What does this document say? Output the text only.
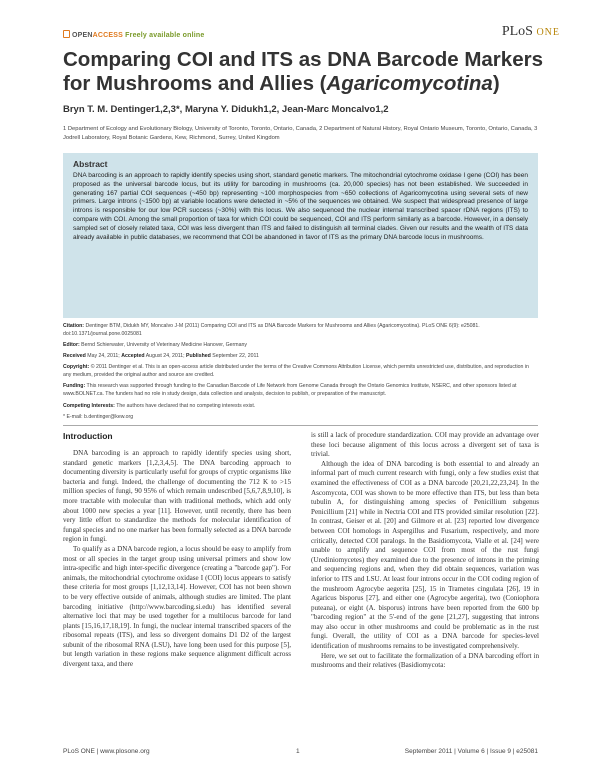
OPENACCESS Freely available online	PLoS ONE
Comparing COI and ITS as DNA Barcode Markers for Mushrooms and Allies (Agaricomycotina)
Bryn T. M. Dentinger1,2,3*, Maryna Y. Didukh1,2, Jean-Marc Moncalvo1,2
1 Department of Ecology and Evolutionary Biology, University of Toronto, Toronto, Ontario, Canada, 2 Department of Natural History, Royal Ontario Museum, Toronto, Ontario, Canada, 3 Jodrell Laboratory, Royal Botanic Gardens, Kew, Richmond, Surrey, United Kingdom
Abstract
DNA barcoding is an approach to rapidly identify species using short, standard genetic markers. The mitochondrial cytochrome oxidase I gene (COI) has been proposed as the universal barcode locus, but its utility for barcoding in mushrooms (ca. 20,000 species) has not been established. We succeeded in generating 167 partial COI sequences (~450 bp) representing ~100 morphospecies from ~650 collections of Agaricomycotina using several sets of new primers. Large introns (~1500 bp) at variable locations were detected in ~5% of the sequences we obtained. We suspect that widespread presence of large introns is responsible for our low PCR success (~30%) with this locus. We also sequenced the nuclear internal transcribed spacer rDNA regions (ITS) to compare with COI. Among the small proportion of taxa for which COI could be sequenced, COI and ITS perform similarly as a barcode. However, in a densely sampled set of closely related taxa, COI was less divergent than ITS and failed to distinguish all terminal clades. Given our results and the wealth of ITS data already available in public databases, we recommend that COI be abandoned in favor of ITS as the primary DNA barcode locus in mushrooms.
Citation: Dentinger BTM, Didukh MY, Moncalvo J-M (2011) Comparing COI and ITS as DNA Barcode Markers for Mushrooms and Allies (Agaricomycotina). PLoS ONE 6(9): e25081. doi:10.1371/journal.pone.0025081
Editor: Bernd Schierwater, University of Veterinary Medicine Hanover, Germany
Received May 24, 2011; Accepted August 24, 2011; Published September 22, 2011
Copyright: © 2011 Dentinger et al. This is an open-access article distributed under the terms of the Creative Commons Attribution License, which permits unrestricted use, distribution, and reproduction in any medium, provided the original author and source are credited.
Funding: This research was supported through funding to the Canadian Barcode of Life Network from Genome Canada through the Ontario Genomics Institute, NSERC, and other sponsors listed at www.BOLNET.ca. The funders had no role in study design, data collection and analysis, decision to publish, or preparation of the manuscript.
Competing Interests: The authors have declared that no competing interests exist.
* E-mail: b.dentinger@kew.org
Introduction

DNA barcoding is an approach to rapidly identify species using short, standard genetic markers [1,2,3,4,5]. The DNA barcoding approach to documenting diversity is particularly useful for groups of cryptic organisms like bacteria and fungi. Indeed, the challenge of documenting the 712 K to >15 million species of fungi, 90 95% of which remain undescribed [5,6,7,8,9,10], is more tractable with molecular than with traditional methods, which add only about 1000 new species a year [11]. However, until recently, there has been very little effort to standardize the methods for molecular identification of fungal species and no one marker has been formally selected as a DNA barcode region in fungi.

To qualify as a DNA barcode region, a locus should be easy to amplify from most or all species in the target group using universal primers and show low intra-specific and high inter-specific divergence (creating a "barcode gap"). For animals, the mitochondrial cytochrome oxidase I (COI) locus appears to satisfy these criteria for most groups [1,12,13,14]. However, COI has not been shown to be very effective outside of animals, although studies are limited. The plant barcoding initiative (http://www.barcoding.si.edu) has identified several alternative loci that may be used together for a multilocus barcode for land plants [15,16,17,18,19]. In fungi, the nuclear internal transcribed spacers of the ribosomal repeats (ITS), and less so divergent domains D1 D2 of the largest subunit of the ribosomal RNA (LSU), have long been used for this purpose [5], but length variation in these regions make sequence alignment difficult across divergent taxa, and there

is still a lack of procedure standardization. COI may provide an advantage over these loci because alignment of this locus across a divergent set of taxa is trivial.

Although the idea of DNA barcoding is both essential to and already an informal part of much current research with fungi, only a few studies exist that examined the effectiveness of COI as a DNA barcode [20,21,22,23,24]. In the Ascomycota, COI was shown to be more effective than ITS, but less than beta tubulin A, for distinguishing among species of Penicillium subgenus Penicillium [21] while in Nectria COI and ITS provided similar resolution [22]. In contrast, Geiser et al. [20] and Gilmore et al. [23] reported low divergence between COI homologs in Aspergillus and Fusarium, respectively, and more critically, detected COI paralogs. In the Basidiomycota, Vialle et al. [24] were unable to amplify and sequence COI from most of the rust fungi (Urediniomycetes) they examined due to the presence of introns in the priming and sequencing regions and, when they did obtain sequences, variation was inferior to ITS and LSU. At least four introns occur in the COI coding region of the mushroom Agrocybe aegerita [25], 15 in Trametes cingulata [26], 19 in Agaricus bisporus [27], and either one (Agrocybe aegerita), two (Coniophora puteana), or eight (A. bisporus) introns have been reported from the 600 bp "barcoding region" at the 5'-end of the gene [21,27], suggesting that introns may also occur in other mushrooms and could be problematic as in the rust fungi. Overall, the utility of COI as a DNA barcode for species-level identification of mushrooms remains to be investigated comprehensively.

Here, we set out to facilitate the formalization of a DNA barcoding effort in mushrooms and their relatives (Basidiomycota:

PLoS ONE | www.plosone.org	1	September 2011 | Volume 6 | Issue 9 | e25081
